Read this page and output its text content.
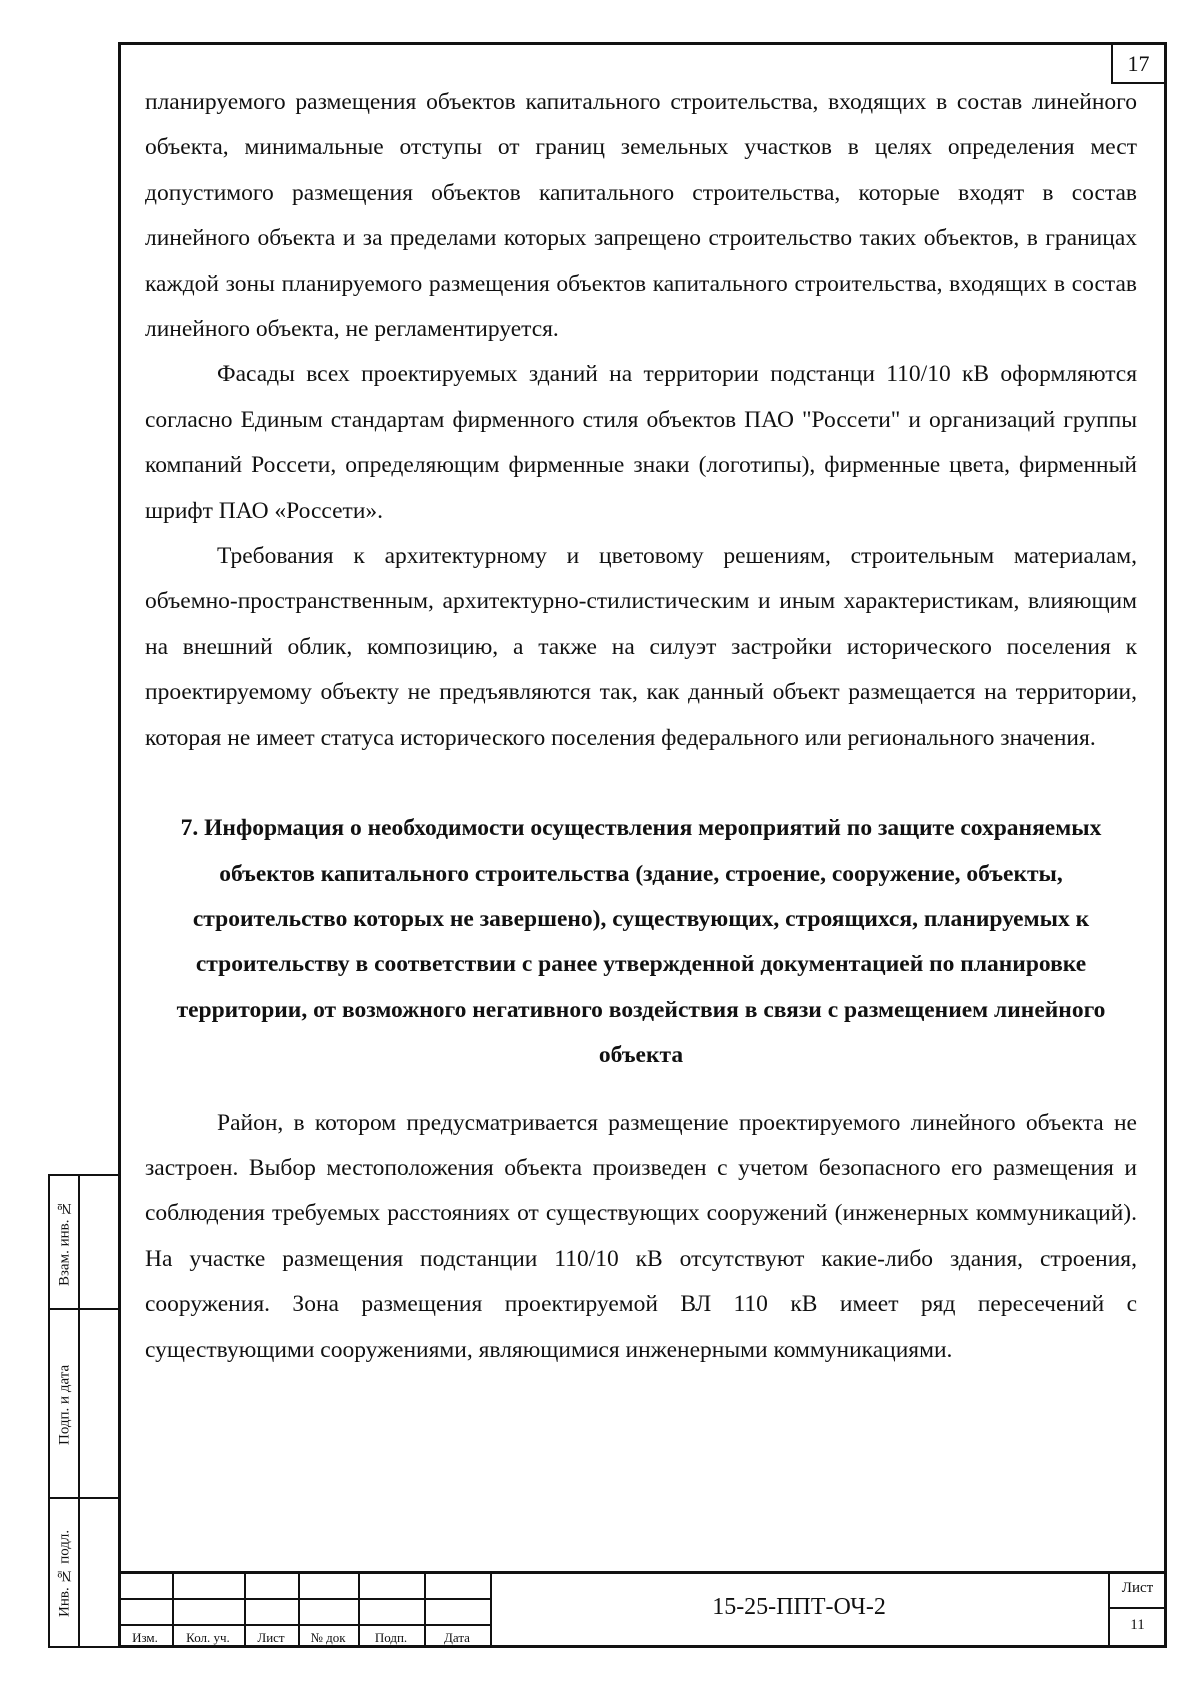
17

планируемого размещения объектов капитального строительства, входящих в состав линейного объекта, минимальные отступы от границ земельных участков в целях определения мест допустимого размещения объектов капитального строительства, которые входят в состав линейного объекта и за пределами которых запрещено строительство таких объектов, в границах каждой зоны планируемого размещения объектов капитального строительства, входящих в состав линейного объекта, не регламентируется.

Фасады всех проектируемых зданий на территории подстанци 110/10 кВ оформляются согласно Единым стандартам фирменного стиля объектов ПАО "Россети" и организаций группы компаний Россети, определяющим фирменные знаки (логотипы), фирменные цвета, фирменный шрифт ПАО «Россети».

Требования к архитектурному и цветовому решениям, строительным материалам, объемно-пространственным, архитектурно-стилистическим и иным характеристикам, влияющим на внешний облик, композицию, а также на силуэт застройки исторического поселения к проектируемому объекту не предъявляются так, как данный объект размещается на территории, которая не имеет статуса исторического поселения федерального или регионального значения.

7. Информация о необходимости осуществления мероприятий по защите сохраняемых объектов капитального строительства (здание, строение, сооружение, объекты, строительство которых не завершено), существующих, строящихся, планируемых к строительству в соответствии с ранее утвержденной документацией по планировке территории, от возможного негативного воздействия в связи с размещением линейного объекта

Район, в котором предусматривается размещение проектируемого линейного объекта не застроен. Выбор местоположения объекта произведен с учетом безопасного его размещения и соблюдения требуемых расстояниях от существующих сооружений (инженерных коммуникаций). На участке размещения подстанции 110/10 кВ отсутствуют какие-либо здания, строения, сооружения. Зона размещения проектируемой ВЛ 110 кВ имеет ряд пересечений с существующими сооружениями, являющимися инженерными коммуникациями.

Взам. инв. №
Подп. и дата
Инв. № подл.
Изм.	Кол. уч.	Лист	№ док	Подп.	Дата
15-25-ППТ-ОЧ-2
Лист
11
